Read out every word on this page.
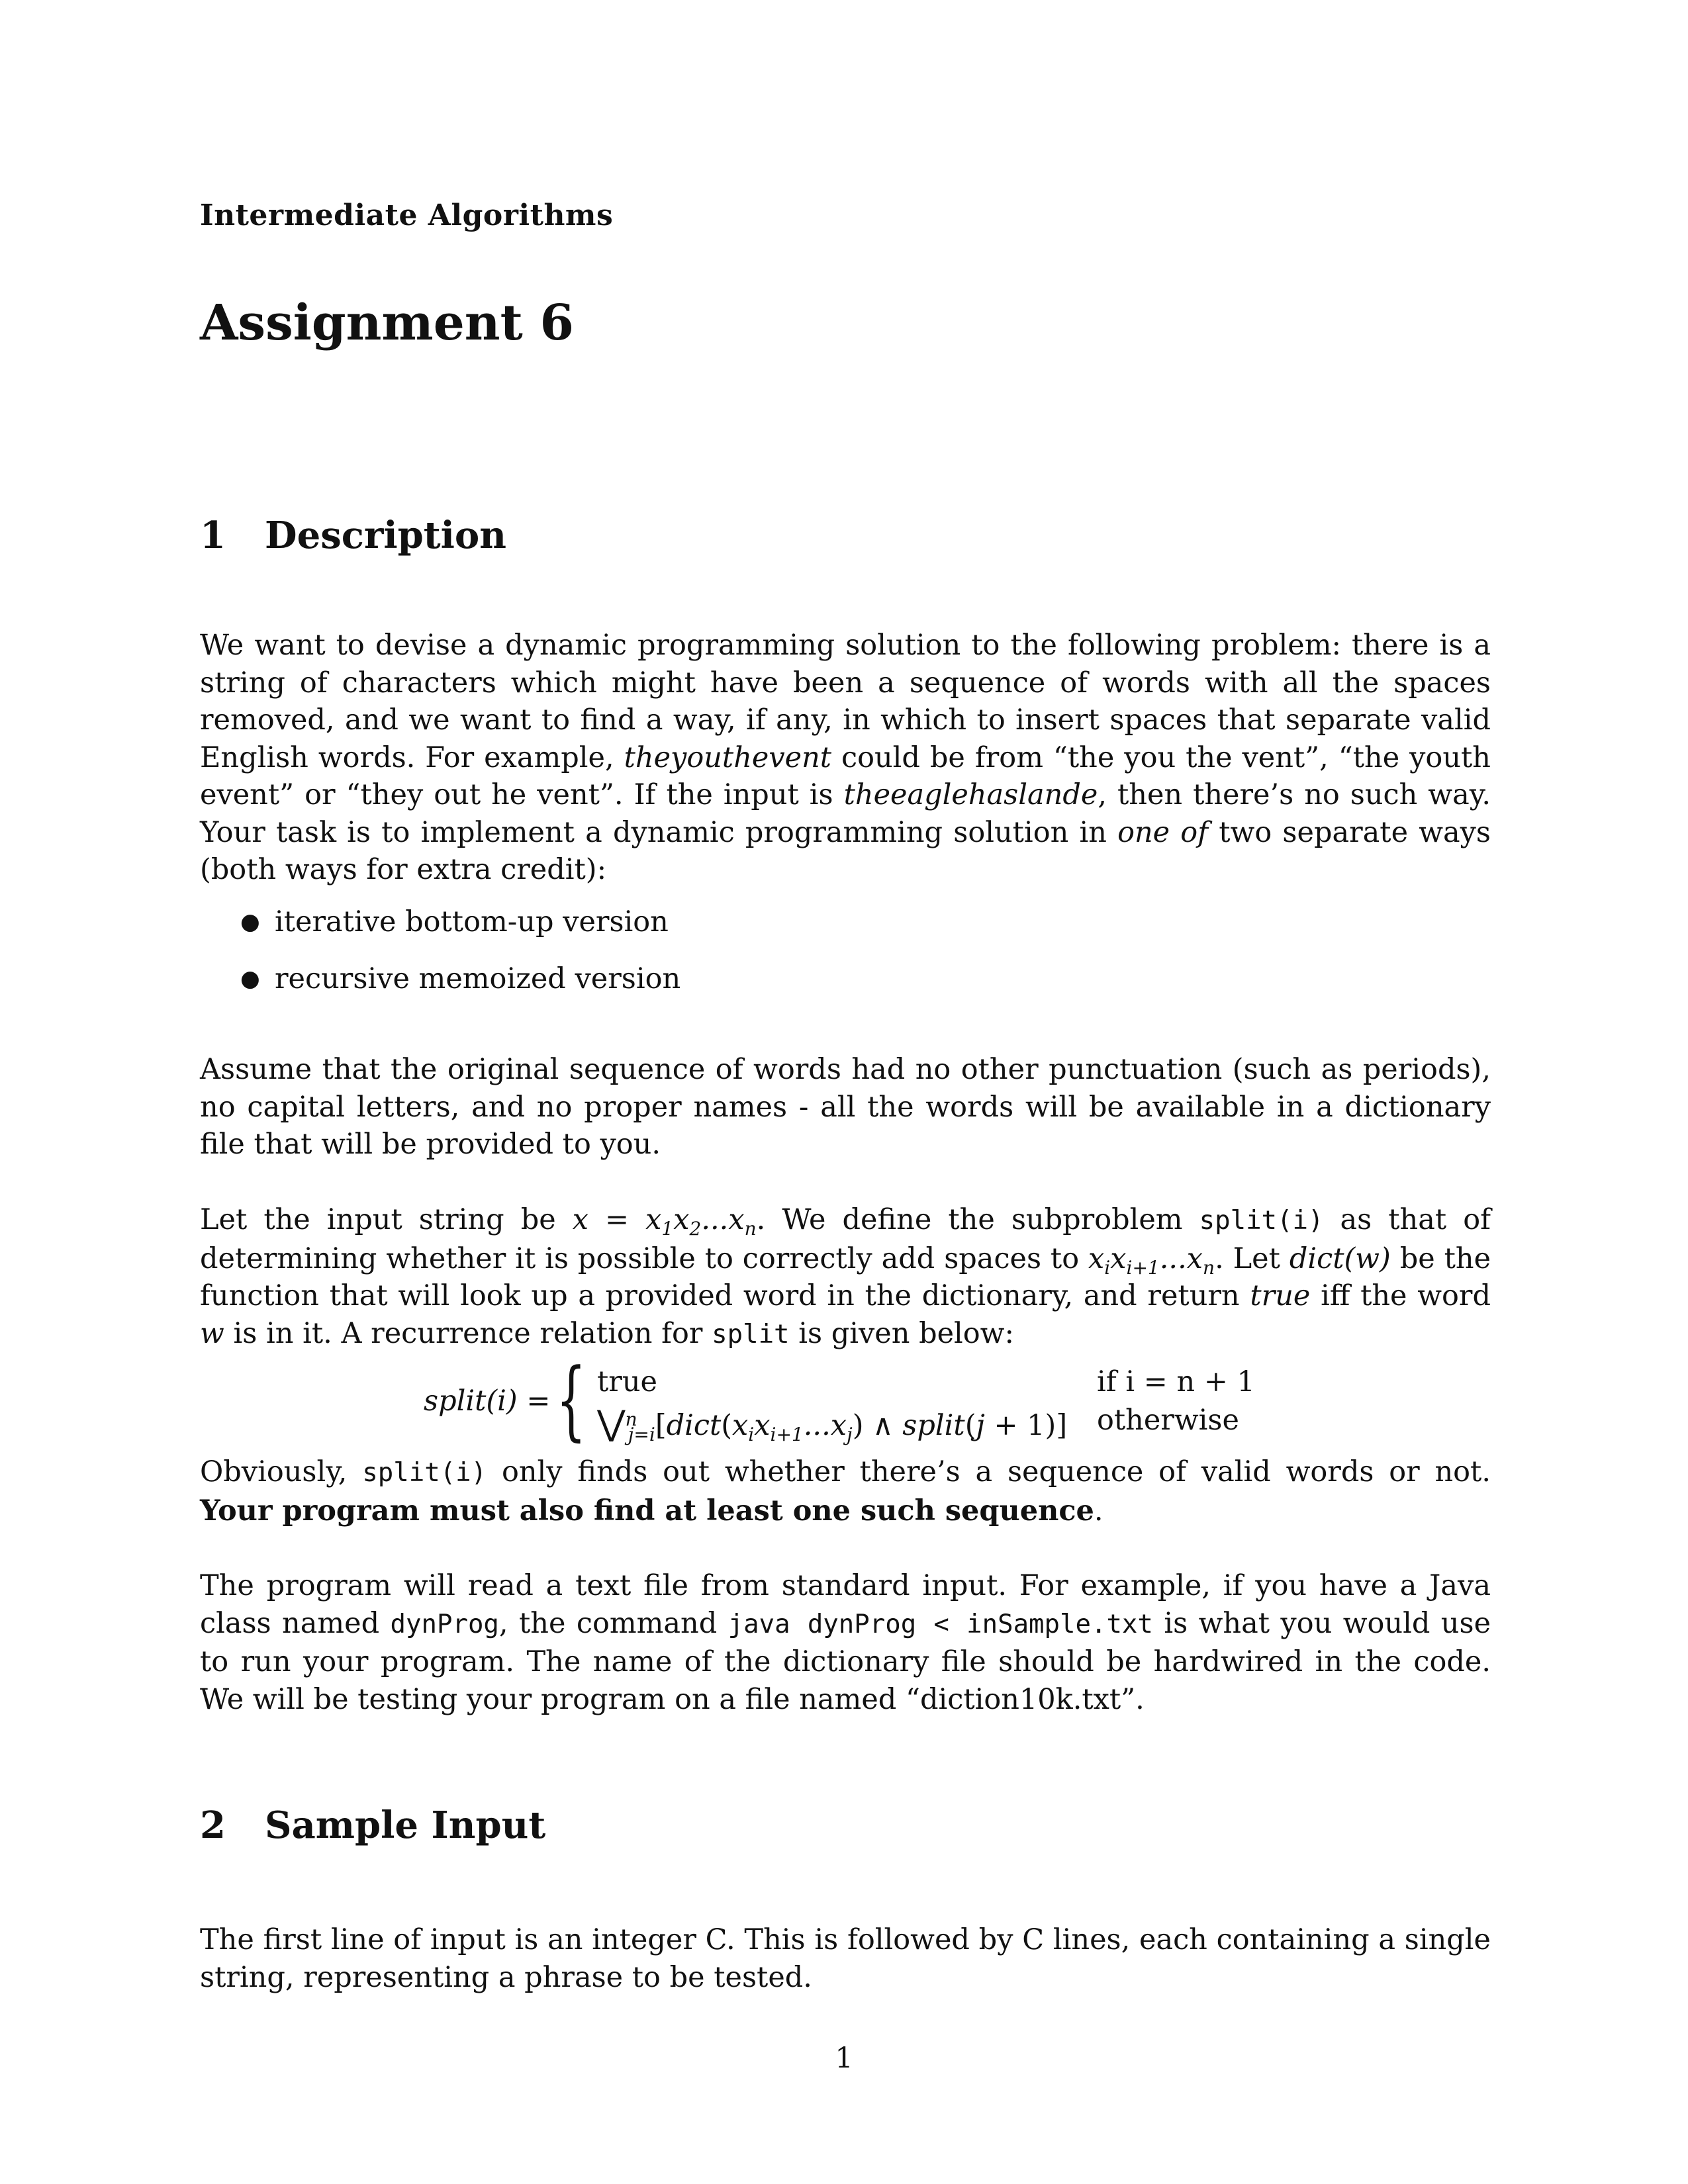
Intermediate Algorithms
Assignment 6
1 Description

We want to devise a dynamic programming solution to the following problem: there is a string of characters which might have been a sequence of words with all the spaces removed, and we want to find a way, if any, in which to insert spaces that separate valid English words. For example, theyouthevent could be from “the you the vent”, “the youth event” or “they out he vent”. If the input is theeaglehaslande, then there’s no such way. Your task is to implement a dynamic programming solution in one of two separate ways (both ways for extra credit):

● iterative bottom-up version
● recursive memoized version

Assume that the original sequence of words had no other punctuation (such as periods), no capital letters, and no proper names - all the words will be available in a dictionary file that will be provided to you.

Let the input string be $x = x_1x_2...x_n$. We define the subproblem split(i) as that of determining whether it is possible to correctly add spaces to $x_ix_{i+1}...x_n$. Let dict(w) be the function that will look up a provided word in the dictionary, and return true iff the word w is in it. A recurrence relation for split is given below:

split(i) = { true
$⋁^n_{j=i}[dict(x_ix_{i+1}...x_j)$ ∧ split(j + 1)]
if i = n + 1
otherwise

Obviously, split(i) only finds out whether there’s a sequence of valid words or not. Your program must also find at least one such sequence.

The program will read a text file from standard input. For example, if you have a Java class named dynProg, the command java dynProg < inSample.txt is what you would use to run your program. The name of the dictionary file should be hardwired in the code. We will be testing your program on a file named “diction10k.txt”.

2 Sample Input

The first line of input is an integer C. This is followed by C lines, each containing a single string, representing a phrase to be tested.

1
